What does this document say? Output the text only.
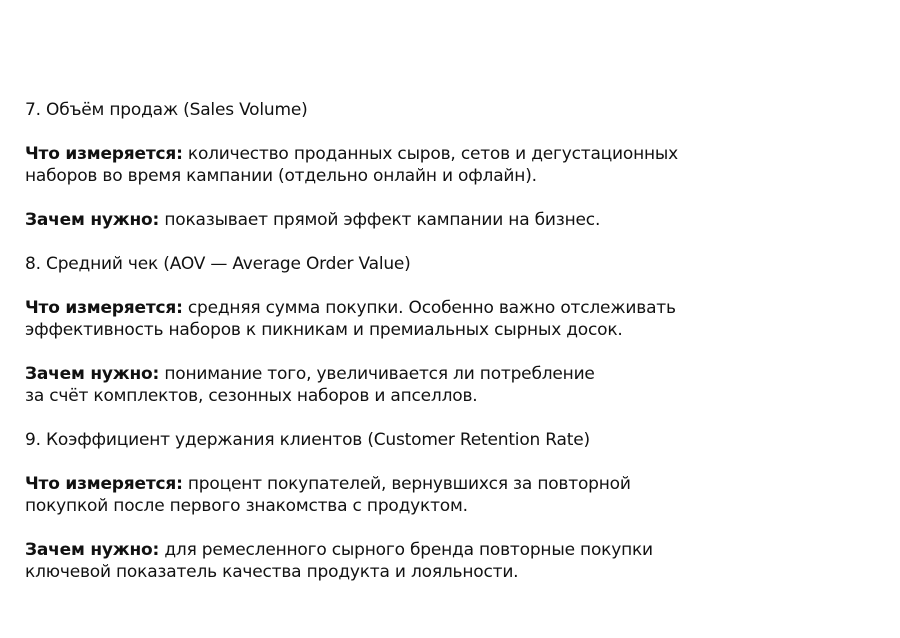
7. Объём продаж (Sales Volume)
Что измеряется: количество проданных сыров, сетов и дегустационных
наборов во время кампании (отдельно онлайн и офлайн).
Зачем нужно: показывает прямой эффект кампании на бизнес.
8. Средний чек (AOV — Average Order Value)
Что измеряется: средняя сумма покупки. Особенно важно отслеживать
эффективность наборов к пикникам и премиальных сырных досок.
Зачем нужно: понимание того, увеличивается ли потребление
за счёт комплектов, сезонных наборов и апселлов.
9. Коэффициент удержания клиентов (Customer Retention Rate)
Что измеряется: процент покупателей, вернувшихся за повторной
покупкой после первого знакомства с продуктом.
Зачем нужно: для ремесленного сырного бренда повторные покупки
ключевой показатель качества продукта и лояльности.
